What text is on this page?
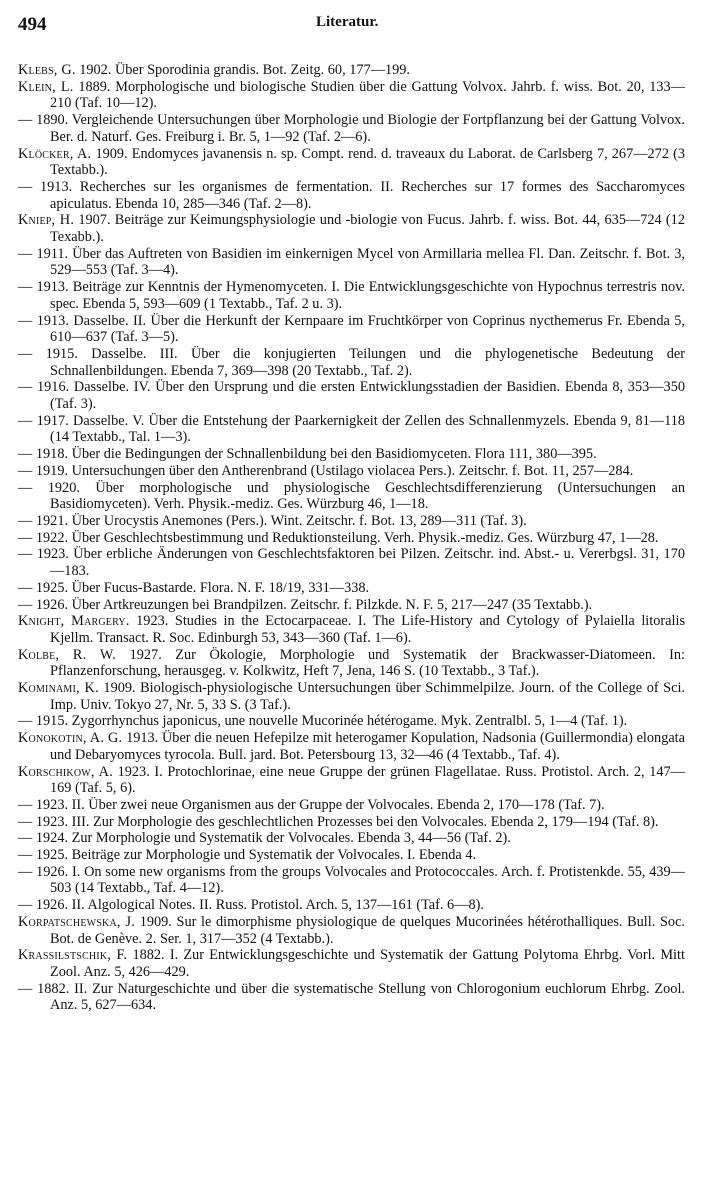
494	Literatur.
Klebs, G. 1902. Über Sporodinia grandis. Bot. Zeitg. 60, 177—199.
Klein, L. 1889. Morphologische und biologische Studien über die Gattung Volvox. Jahrb. f. wiss. Bot. 20, 133—210 (Taf. 10—12).
— 1890. Vergleichende Untersuchungen über Morphologie und Biologie der Fortpflanzung bei der Gattung Volvox. Ber. d. Naturf. Ges. Freiburg i. Br. 5, 1—92 (Taf. 2—6).
Klöcker, A. 1909. Endomyces javanensis n. sp. Compt. rend. d. traveaux du Laborat. de Carlsberg 7, 267—272 (3 Textabb.).
— 1913. Recherches sur les organismes de fermentation. II. Recherches sur 17 formes des Saccharomyces apiculatus. Ebenda 10, 285—346 (Taf. 2—8).
Kniep, H. 1907. Beiträge zur Keimungsphysiologie und -biologie von Fucus. Jahrb. f. wiss. Bot. 44, 635—724 (12 Texabb.).
— 1911. Über das Auftreten von Basidien im einkernigen Mycel von Armillaria mellea Fl. Dan. Zeitschr. f. Bot. 3, 529—553 (Taf. 3—4).
— 1913. Beiträge zur Kenntnis der Hymenomyceten. I. Die Entwicklungsgeschichte von Hypochnus terrestris nov. spec. Ebenda 5, 593—609 (1 Textabb., Taf. 2 u. 3).
— 1913. Dasselbe. II. Über die Herkunft der Kernpaare im Fruchtkörper von Coprinus nycthemerus Fr. Ebenda 5, 610—637 (Taf. 3—5).
— 1915. Dasselbe. III. Über die konjugierten Teilungen und die phylogenetische Bedeutung der Schnallenbildungen. Ebenda 7, 369—398 (20 Textabb., Taf. 2).
— 1916. Dasselbe. IV. Über den Ursprung und die ersten Entwicklungsstadien der Basidien. Ebenda 8, 353—350 (Taf. 3).
— 1917. Dasselbe. V. Über die Entstehung der Paarkernigkeit der Zellen des Schnallenmyzels. Ebenda 9, 81—118 (14 Textabb., Tal. 1—3).
— 1918. Über die Bedingungen der Schnallenbildung bei den Basidiomyceten. Flora 111, 380—395.
— 1919. Untersuchungen über den Antherenbrand (Ustilago violacea Pers.). Zeitschr. f. Bot. 11, 257—284.
— 1920. Über morphologische und physiologische Geschlechtsdifferenzierung (Untersuchungen an Basidiomyceten). Verh. Physik.-mediz. Ges. Würzburg 46, 1—18.
— 1921. Über Urocystis Anemones (Pers.). Wint. Zeitschr. f. Bot. 13, 289—311 (Taf. 3).
— 1922. Über Geschlechtsbestimmung und Reduktionsteilung. Verh. Physik.-mediz. Ges. Würzburg 47, 1—28.
— 1923. Über erbliche Änderungen von Geschlechtsfaktoren bei Pilzen. Zeitschr. ind. Abst.- u. Vererbgsl. 31, 170—183.
— 1925. Über Fucus-Bastarde. Flora. N. F. 18/19, 331—338.
— 1926. Über Artkreuzungen bei Brandpilzen. Zeitschr. f. Pilzkde. N. F. 5, 217—247 (35 Textabb.).
Knight, Margery. 1923. Studies in the Ectocarpaceae. I. The Life-History and Cytology of Pylaiella litoralis Kjellm. Transact. R. Soc. Edinburgh 53, 343—360 (Taf. 1—6).
Kolbe, R. W. 1927. Zur Ökologie, Morphologie und Systematik der Brackwasser-Diatomeen. In: Pflanzenforschung, herausgeg. v. Kolkwitz, Heft 7, Jena, 146 S. (10 Textabb., 3 Taf.).
Kominami, K. 1909. Biologisch-physiologische Untersuchungen über Schimmelpilze. Journ. of the College of Sci. Imp. Univ. Tokyo 27, Nr. 5, 33 S. (3 Taf.).
— 1915. Zygorrhynchus japonicus, une nouvelle Mucorinée hétérogame. Myk. Zentralbl. 5, 1—4 (Taf. 1).
Konokotin, A. G. 1913. Über die neuen Hefepilze mit heterogamer Kopulation, Nadsonia (Guillermondia) elongata und Debaryomyces tyrocola. Bull. jard. Bot. Petersbourg 13, 32—46 (4 Textabb., Taf. 4).
Korschikow, A. 1923. I. Protochlorinae, eine neue Gruppe der grünen Flagellatae. Russ. Protistol. Arch. 2, 147—169 (Taf. 5, 6).
— 1923. II. Über zwei neue Organismen aus der Gruppe der Volvocales. Ebenda 2, 170—178 (Taf. 7).
— 1923. III. Zur Morphologie des geschlechtlichen Prozesses bei den Volvocales. Ebenda 2, 179—194 (Taf. 8).
— 1924. Zur Morphologie und Systematik der Volvocales. Ebenda 3, 44—56 (Taf. 2).
— 1925. Beiträge zur Morphologie und Systematik der Volvocales. I. Ebenda 4.
— 1926. I. On some new organisms from the groups Volvocales and Protococcales. Arch. f. Protistenkde. 55, 439—503 (14 Textabb., Taf. 4—12).
— 1926. II. Algological Notes. II. Russ. Protistol. Arch. 5, 137—161 (Taf. 6—8).
Korpatschewska, J. 1909. Sur le dimorphisme physiologique de quelques Mucorinées hétérothalliques. Bull. Soc. Bot. de Genève. 2. Ser. 1, 317—352 (4 Textabb.).
Krassilstschik, F. 1882. I. Zur Entwicklungsgeschichte und Systematik der Gattung Polytoma Ehrbg. Vorl. Mitt Zool. Anz. 5, 426—429.
— 1882. II. Zur Naturgeschichte und über die systematische Stellung von Chlorogonium euchlorum Ehrbg. Zool. Anz. 5, 627—634.
